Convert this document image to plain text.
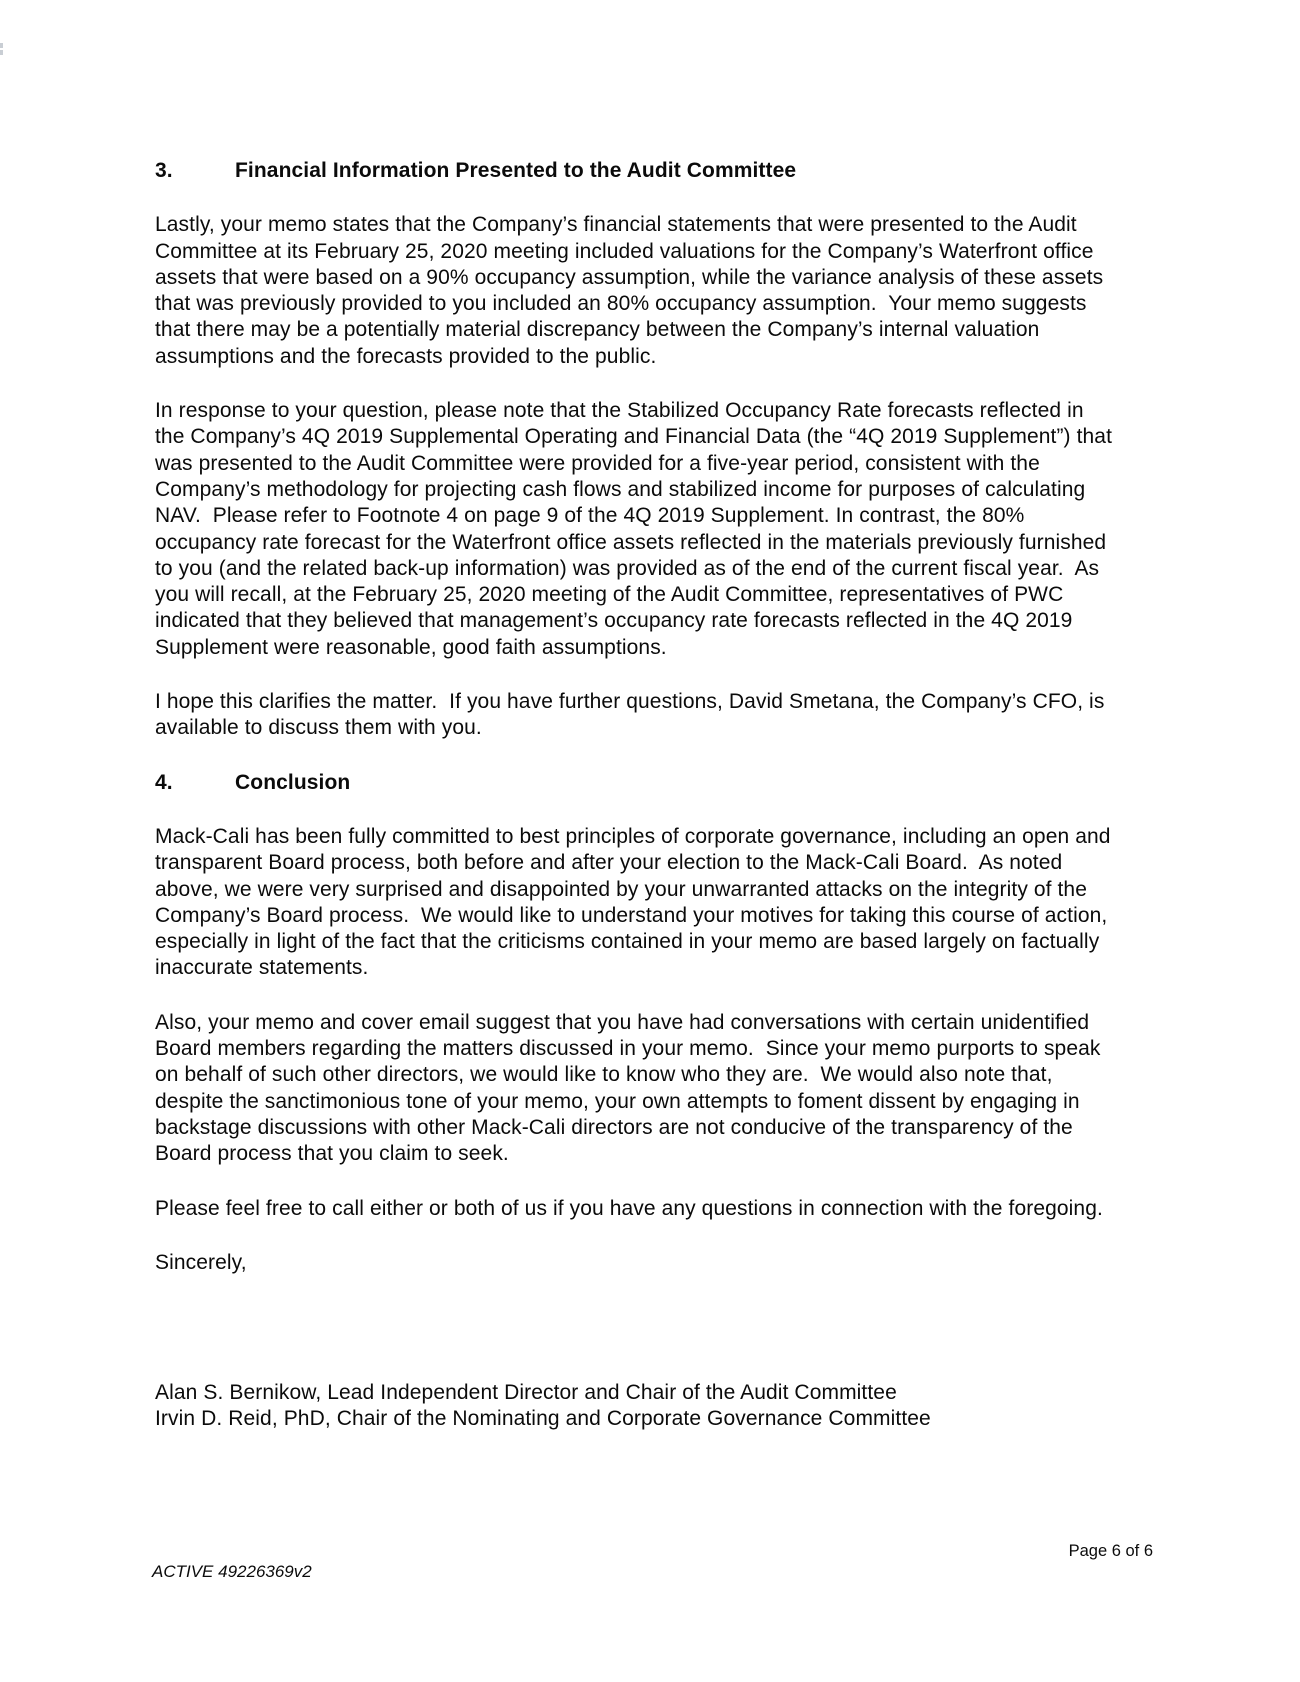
3.	Financial Information Presented to the Audit Committee

Lastly, your memo states that the Company’s financial statements that were presented to the Audit Committee at its February 25, 2020 meeting included valuations for the Company’s Waterfront office assets that were based on a 90% occupancy assumption, while the variance analysis of these assets that was previously provided to you included an 80% occupancy assumption.  Your memo suggests that there may be a potentially material discrepancy between the Company’s internal valuation assumptions and the forecasts provided to the public.

In response to your question, please note that the Stabilized Occupancy Rate forecasts reflected in the Company’s 4Q 2019 Supplemental Operating and Financial Data (the “4Q 2019 Supplement”) that was presented to the Audit Committee were provided for a five-year period, consistent with the Company’s methodology for projecting cash flows and stabilized income for purposes of calculating NAV.  Please refer to Footnote 4 on page 9 of the 4Q 2019 Supplement. In contrast, the 80% occupancy rate forecast for the Waterfront office assets reflected in the materials previously furnished to you (and the related back-up information) was provided as of the end of the current fiscal year.  As you will recall, at the February 25, 2020 meeting of the Audit Committee, representatives of PWC indicated that they believed that management’s occupancy rate forecasts reflected in the 4Q 2019 Supplement were reasonable, good faith assumptions.

I hope this clarifies the matter.  If you have further questions, David Smetana, the Company’s CFO, is available to discuss them with you.

4.	Conclusion

Mack-Cali has been fully committed to best principles of corporate governance, including an open and transparent Board process, both before and after your election to the Mack-Cali Board.  As noted above, we were very surprised and disappointed by your unwarranted attacks on the integrity of the Company’s Board process.  We would like to understand your motives for taking this course of action, especially in light of the fact that the criticisms contained in your memo are based largely on factually inaccurate statements.

Also, your memo and cover email suggest that you have had conversations with certain unidentified Board members regarding the matters discussed in your memo.  Since your memo purports to speak on behalf of such other directors, we would like to know who they are.  We would also note that, despite the sanctimonious tone of your memo, your own attempts to foment dissent by engaging in backstage discussions with other Mack-Cali directors are not conducive of the transparency of the Board process that you claim to seek.

Please feel free to call either or both of us if you have any questions in connection with the foregoing.

Sincerely,

Alan S. Bernikow, Lead Independent Director and Chair of the Audit Committee

Irvin D. Reid, PhD, Chair of the Nominating and Corporate Governance Committee

Page 6 of 6
ACTIVE 49226369v2
